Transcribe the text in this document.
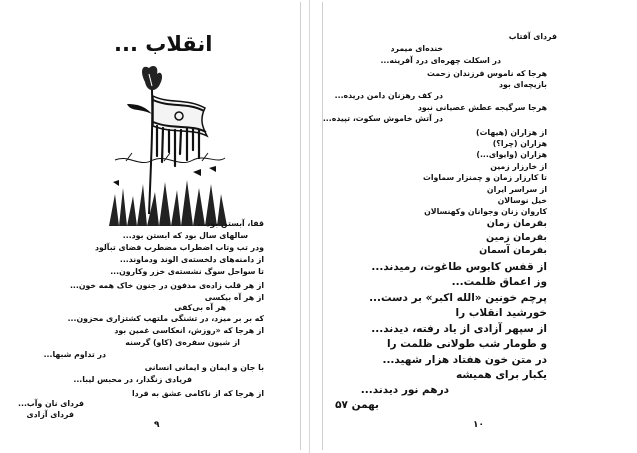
انقلاب ...
قفا، آبستن بود...
سالهای سال بود که ابستن بود...
ودر تب وتاب اضطراب مضطرب فضای تبآلود
از دامنه‌های دلخسته‌ی الوند ودماوند...
تا سواحل سوگ نشسته‌ی خزر وکارون...
از هر قلب زاده‌‌ی مدفون در جنون خاک همه خون...
از هر آه بیکسی
هر آه بی‌کفی
که بر بر میزد، در تشنگی ملتهب کشتزاری محزون...
از هرجا که «روزش، انعکاسی غمین بود
از شیون سفره‌ی (کاو) گرسنه
در تداوم شبها...
با جان و ایمان و ایمانی انسانی
فریادی زنگدار، در محبس لیبا...
از هرجا که از ناکامی عشق به فردا
فردای نان وآب...
فردای آزادی
۹
فردای آفتاب
خنده‌ای میمرد
در اسکلت چهره‌ای درد آفرینه...
هرجا که ناموس فرزندان زحمت
بازیچه‌ای بود
در کف رهزنان دامن دریده...
هرجا سرگیجه عطش عصیانی نبود
در آتش خاموش سکوت، تپیده...
از هزاران (هیهات)
هزاران (چرا؟)
هزاران (وایوای...)
از خارزار زمین
تا کارزار زمان و چمنزار سماوات
از سراسر ایران
خیل نوسالان
کاروان زنان وجوانان وکهنسالان
بفرمان زمان
بفرمان زمین
بفرمان آسمان
از قفس کابوس طاغوت، رمیدند...
وز اعماق ظلمت...
پرچم خونین «الله اکبر» بر دست...
خورشید انقلاب را
از سپهر آزادی از یاد رفته، دیدند...
و طومار شب طولانی ظلمت را
در متن خون هفتاد هزار شهید...
یکبار برای همیشه
درهم نور دیدند...
بهمن ۵۷
۱۰
